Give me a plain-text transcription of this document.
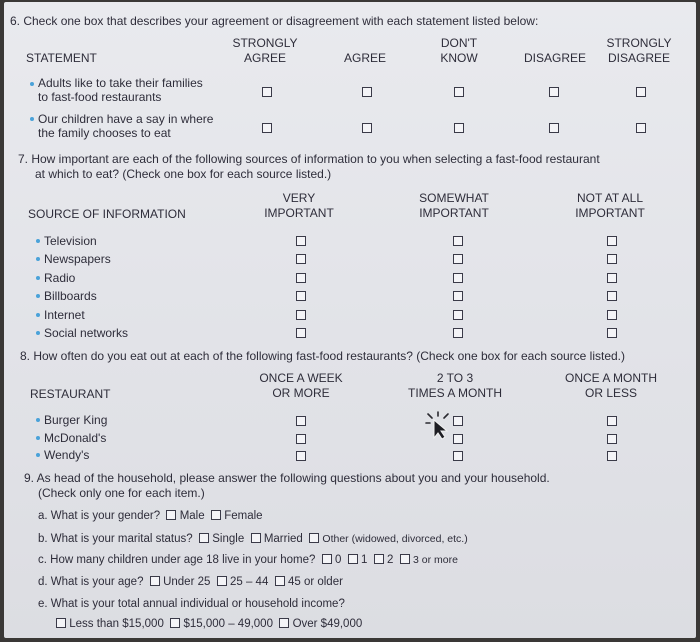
6. Check one box that describes your agreement or disagreement with each statement listed below:
STATEMENT
STRONGLY
AGREE	AGREE
DON'T
KNOW	DISAGREE
STRONGLY
DISAGREE
Adults like to take their families
to fast-food restaurants
Our children have a say in where
the family chooses to eat
7. How important are each of the following sources of information to you when selecting a fast-food restaurant
at which to eat? (Check one box for each source listed.)
SOURCE OF INFORMATION
VERY
IMPORTANT
SOMEWHAT
IMPORTANT
NOT AT ALL
IMPORTANT
Television
Newspapers
Radio
Billboards
Internet
Social networks
8. How often do you eat out at each of the following fast-food restaurants? (Check one box for each source listed.)
RESTAURANT
ONCE A WEEK
OR MORE
2 TO 3
TIMES A MONTH
ONCE A MONTH
OR LESS
Burger King
McDonald's
Wendy's
9. As head of the household, please answer the following questions about you and your household.
(Check only one for each item.)
a. What is your gender? Male Female
b. What is your marital status? Single Married Other (widowed, divorced, etc.)
c. How many children under age 18 live in your home? 0 1 2 3 or more
d. What is your age? Under 25 25 – 44 45 or older
e. What is your total annual individual or household income?
Less than $15,000 $15,000 – 49,000 Over $49,000
